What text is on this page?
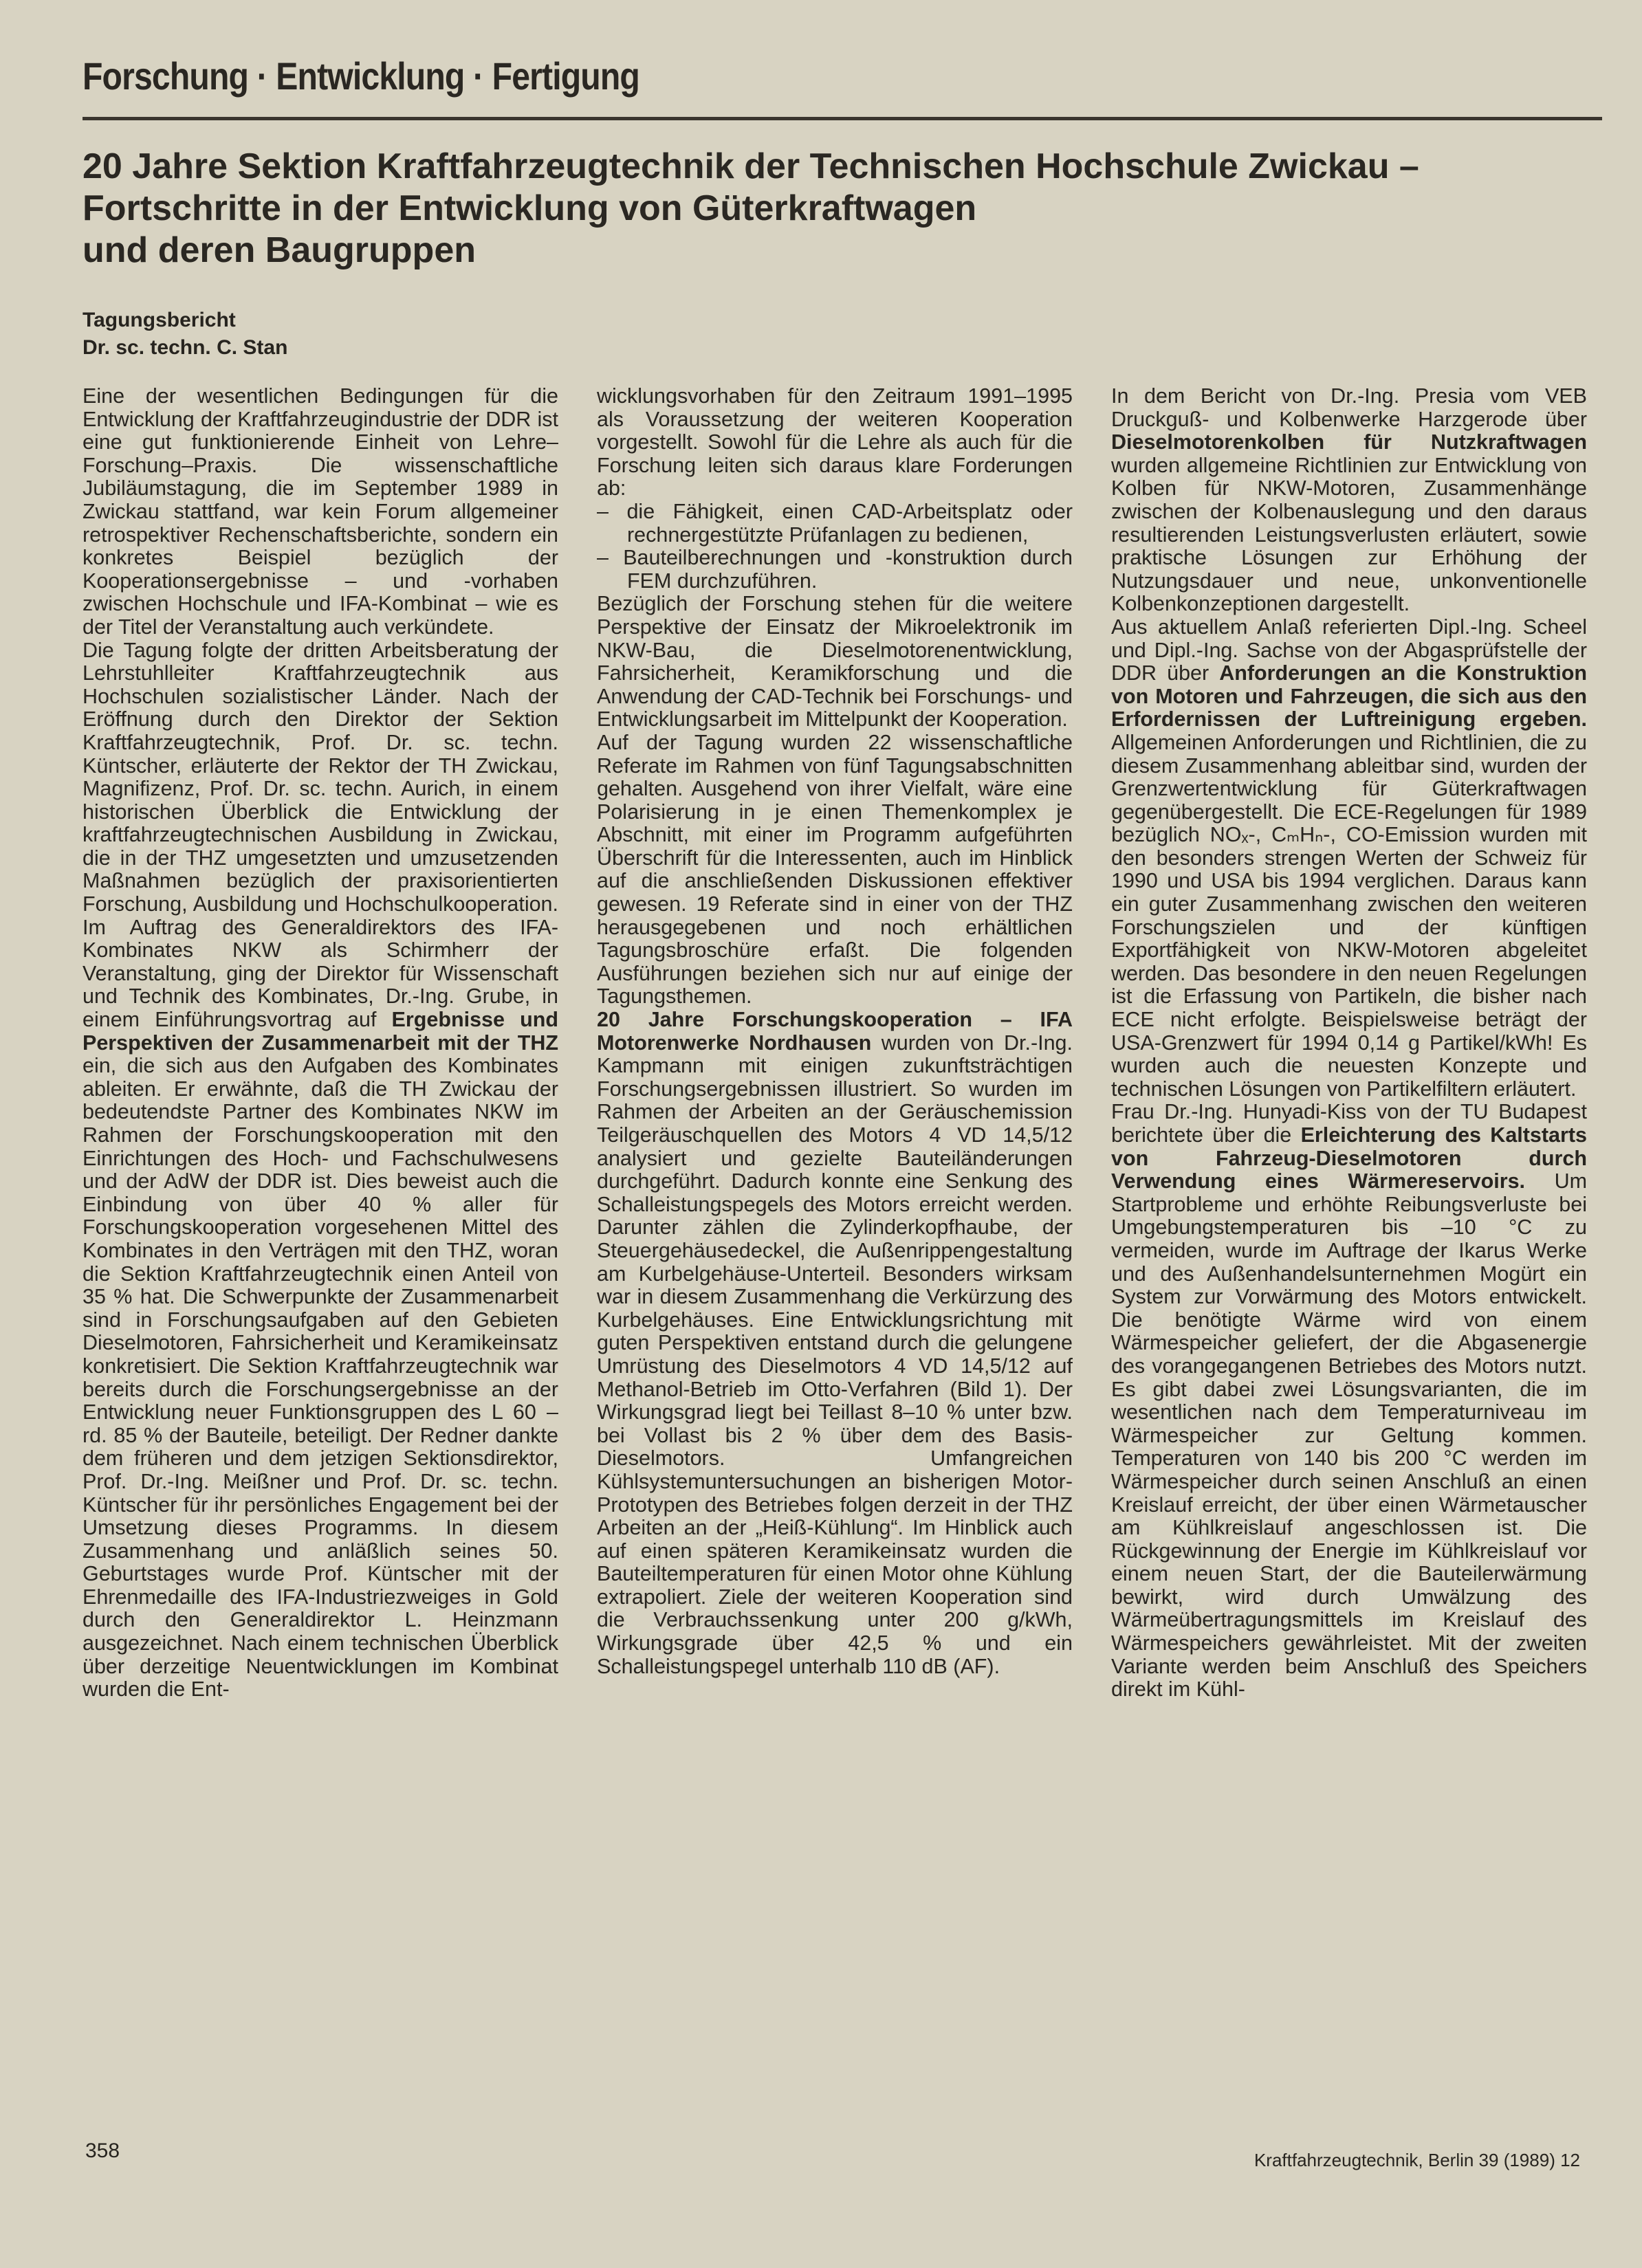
Forschung · Entwicklung · Fertigung
20 Jahre Sektion Kraftfahrzeugtechnik der Technischen Hochschule Zwickau –
Fortschritte in der Entwicklung von Güterkraftwagen
und deren Baugruppen
Tagungsbericht
Dr. sc. techn. C. Stan

Eine der wesentlichen Bedingungen für die Entwicklung der Kraftfahrzeugindustrie der DDR ist eine gut funktionierende Einheit von Lehre–Forschung–Praxis. Die wissenschaftliche Jubiläumstagung, die im September 1989 in Zwickau stattfand, war kein Forum allgemeiner retrospektiver Rechenschaftsberichte, sondern ein konkretes Beispiel bezüglich der Kooperationsergebnisse – und -vorhaben zwischen Hochschule und IFA-Kombinat – wie es der Titel der Veranstaltung auch verkündete.

Die Tagung folgte der dritten Arbeitsberatung der Lehrstuhlleiter Kraftfahrzeugtechnik aus Hochschulen sozialistischer Länder. Nach der Eröffnung durch den Direktor der Sektion Kraftfahrzeugtechnik, Prof. Dr. sc. techn. Küntscher, erläuterte der Rektor der TH Zwickau, Magnifizenz, Prof. Dr. sc. techn. Aurich, in einem historischen Überblick die Entwicklung der kraftfahrzeugtechnischen Ausbildung in Zwickau, die in der THZ umgesetzten und umzusetzenden Maßnahmen bezüglich der praxisorientierten Forschung, Ausbildung und Hochschulkooperation. Im Auftrag des Generaldirektors des IFA-Kombinates NKW als Schirmherr der Veranstaltung, ging der Direktor für Wissenschaft und Technik des Kombinates, Dr.-Ing. Grube, in einem Einführungsvortrag auf Ergebnisse und Perspektiven der Zusammenarbeit mit der THZ ein, die sich aus den Aufgaben des Kombinates ableiten. Er erwähnte, daß die TH Zwickau der bedeutendste Partner des Kombinates NKW im Rahmen der Forschungskooperation mit den Einrichtungen des Hoch- und Fachschulwesens und der AdW der DDR ist. Dies beweist auch die Einbindung von über 40 % aller für Forschungskooperation vorgesehenen Mittel des Kombinates in den Verträgen mit den THZ, woran die Sektion Kraftfahrzeugtechnik einen Anteil von 35 % hat. Die Schwerpunkte der Zusammenarbeit sind in Forschungsaufgaben auf den Gebieten Dieselmotoren, Fahrsicherheit und Keramikeinsatz konkretisiert. Die Sektion Kraftfahrzeugtechnik war bereits durch die Forschungsergebnisse an der Entwicklung neuer Funktionsgruppen des L 60 – rd. 85 % der Bauteile, beteiligt. Der Redner dankte dem früheren und dem jetzigen Sektionsdirektor, Prof. Dr.-Ing. Meißner und Prof. Dr. sc. techn. Küntscher für ihr persönliches Engagement bei der Umsetzung dieses Programms. In diesem Zusammenhang und anläßlich seines 50. Geburtstages wurde Prof. Küntscher mit der Ehrenmedaille des IFA-Industriezweiges in Gold durch den Generaldirektor L. Heinzmann ausgezeichnet. Nach einem technischen Überblick über derzeitige Neuentwicklungen im Kombinat wurden die Ent-

wicklungsvorhaben für den Zeitraum 1991–1995 als Voraussetzung der weiteren Kooperation vorgestellt. Sowohl für die Lehre als auch für die Forschung leiten sich daraus klare Forderungen ab:

– die Fähigkeit, einen CAD-Arbeitsplatz oder rechnergestützte Prüfanlagen zu bedienen,
– Bauteilberechnungen und -konstruktion durch FEM durchzuführen.

Bezüglich der Forschung stehen für die weitere Perspektive der Einsatz der Mikroelektronik im NKW-Bau, die Dieselmotorenentwicklung, Fahrsicherheit, Keramikforschung und die Anwendung der CAD-Technik bei Forschungs- und Entwicklungsarbeit im Mittelpunkt der Kooperation.

Auf der Tagung wurden 22 wissenschaftliche Referate im Rahmen von fünf Tagungsabschnitten gehalten. Ausgehend von ihrer Vielfalt, wäre eine Polarisierung in je einen Themenkomplex je Abschnitt, mit einer im Programm aufgeführten Überschrift für die Interessenten, auch im Hinblick auf die anschließenden Diskussionen effektiver gewesen. 19 Referate sind in einer von der THZ herausgegebenen und noch erhältlichen Tagungsbroschüre erfaßt. Die folgenden Ausführungen beziehen sich nur auf einige der Tagungsthemen.

20 Jahre Forschungskooperation – IFA Motorenwerke Nordhausen wurden von Dr.-Ing. Kampmann mit einigen zukunftsträchtigen Forschungsergebnissen illustriert. So wurden im Rahmen der Arbeiten an der Geräuschemission Teilgeräuschquellen des Motors 4 VD 14,5/12 analysiert und gezielte Bauteiländerungen durchgeführt. Dadurch konnte eine Senkung des Schalleistungspegels des Motors erreicht werden. Darunter zählen die Zylinderkopfhaube, der Steuergehäusedeckel, die Außenrippengestaltung am Kurbelgehäuse-Unterteil. Besonders wirksam war in diesem Zusammenhang die Verkürzung des Kurbelgehäuses. Eine Entwicklungsrichtung mit guten Perspektiven entstand durch die gelungene Umrüstung des Dieselmotors 4 VD 14,5/12 auf Methanol-Betrieb im Otto-Verfahren (Bild 1). Der Wirkungsgrad liegt bei Teillast 8–10 % unter bzw. bei Vollast bis 2 % über dem des Basis-Dieselmotors. Umfangreichen Kühlsystemuntersuchungen an bisherigen Motor-Prototypen des Betriebes folgen derzeit in der THZ Arbeiten an der „Heiß-Kühlung“. Im Hinblick auch auf einen späteren Keramikeinsatz wurden die Bauteiltemperaturen für einen Motor ohne Kühlung extrapoliert. Ziele der weiteren Kooperation sind die Verbrauchssenkung unter 200 g/kWh, Wirkungsgrade über 42,5 % und ein Schalleistungspegel unterhalb 110 dB (AF).

In dem Bericht von Dr.-Ing. Presia vom VEB Druckguß- und Kolbenwerke Harzgerode über Dieselmotorenkolben für Nutzkraftwagen wurden allgemeine Richtlinien zur Entwicklung von Kolben für NKW-Motoren, Zusammenhänge zwischen der Kolbenauslegung und den daraus resultierenden Leistungsverlusten erläutert, sowie praktische Lösungen zur Erhöhung der Nutzungsdauer und neue, unkonventionelle Kolbenkonzeptionen dargestellt.

Aus aktuellem Anlaß referierten Dipl.-Ing. Scheel und Dipl.-Ing. Sachse von der Abgasprüfstelle der DDR über Anforderungen an die Konstruktion von Motoren und Fahrzeugen, die sich aus den Erfordernissen der Luftreinigung ergeben. Allgemeinen Anforderungen und Richtlinien, die zu diesem Zusammenhang ableitbar sind, wurden der Grenzwertentwicklung für Güterkraftwagen gegenübergestellt. Die ECE-Regelungen für 1989 bezüglich NOₓ-, CₘHₙ-, CO-Emission wurden mit den besonders strengen Werten der Schweiz für 1990 und USA bis 1994 verglichen. Daraus kann ein guter Zusammenhang zwischen den weiteren Forschungszielen und der künftigen Exportfähigkeit von NKW-Motoren abgeleitet werden. Das besondere in den neuen Regelungen ist die Erfassung von Partikeln, die bisher nach ECE nicht erfolgte. Beispielsweise beträgt der USA-Grenzwert für 1994 0,14 g Partikel/kWh! Es wurden auch die neuesten Konzepte und technischen Lösungen von Partikelfiltern erläutert.

Frau Dr.-Ing. Hunyadi-Kiss von der TU Budapest berichtete über die Erleichterung des Kaltstarts von Fahrzeug-Dieselmotoren durch Verwendung eines Wärmereservoirs. Um Startprobleme und erhöhte Reibungsverluste bei Umgebungstemperaturen bis –10 °C zu vermeiden, wurde im Auftrage der Ikarus Werke und des Außenhandelsunternehmen Mogürt ein System zur Vorwärmung des Motors entwickelt. Die benötigte Wärme wird von einem Wärmespeicher geliefert, der die Abgasenergie des vorangegangenen Betriebes des Motors nutzt. Es gibt dabei zwei Lösungsvarianten, die im wesentlichen nach dem Temperaturniveau im Wärmespeicher zur Geltung kommen. Temperaturen von 140 bis 200 °C werden im Wärmespeicher durch seinen Anschluß an einen Kreislauf erreicht, der über einen Wärmetauscher am Kühlkreislauf angeschlossen ist. Die Rückgewinnung der Energie im Kühlkreislauf vor einem neuen Start, der die Bauteilerwärmung bewirkt, wird durch Umwälzung des Wärmeübertragungsmittels im Kreislauf des Wärmespeichers gewährleistet. Mit der zweiten Variante werden beim Anschluß des Speichers direkt im Kühl-

358	Kraftfahrzeugtechnik, Berlin 39 (1989) 12
